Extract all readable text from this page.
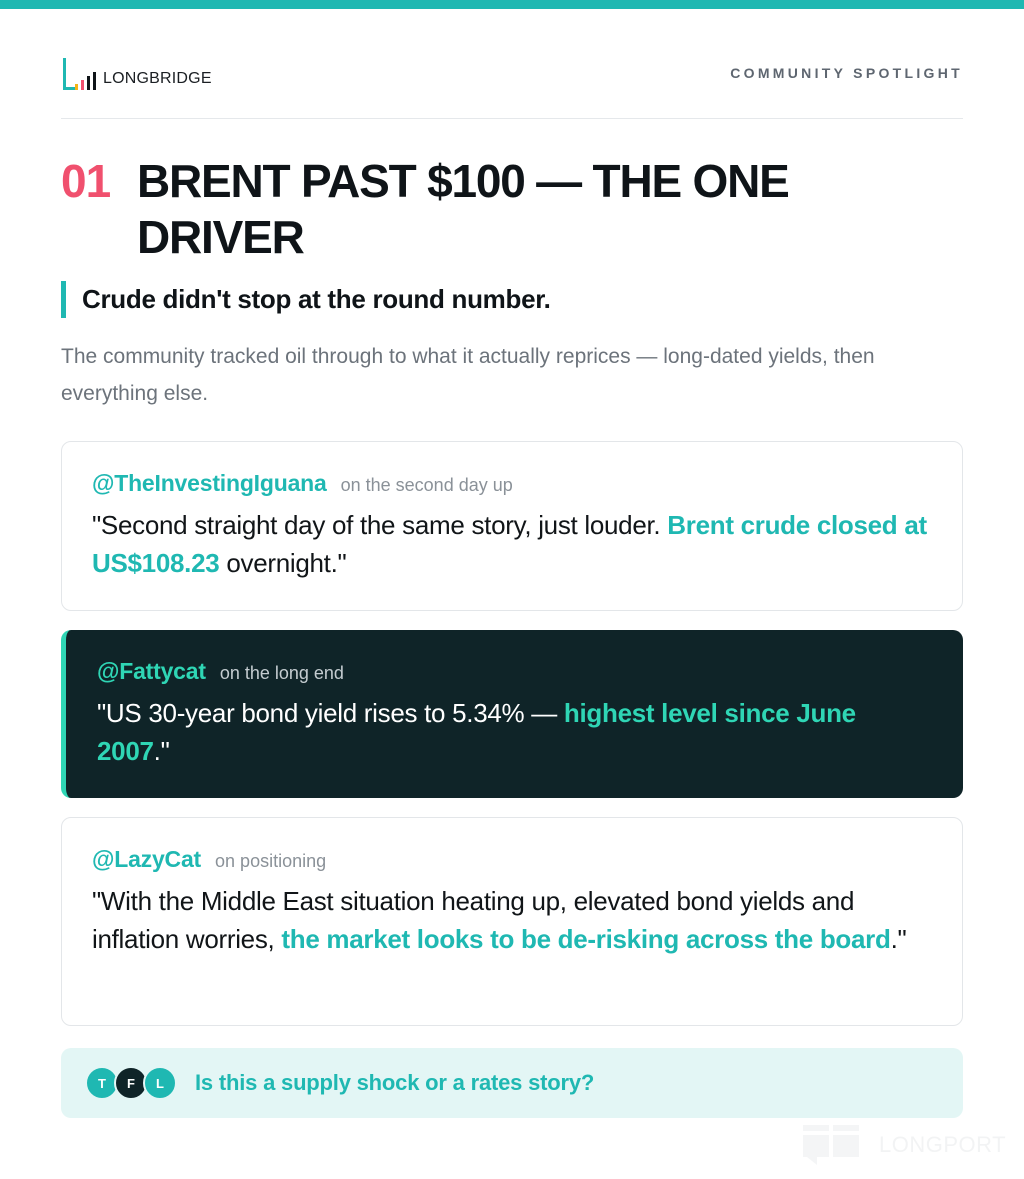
LONGBRIDGE	COMMUNITY SPOTLIGHT
01 BRENT PAST $100 — THE ONE DRIVER
Crude didn't stop at the round number.
The community tracked oil through to what it actually reprices — long-dated yields, then everything else.
@TheInvestingIguana on the second day up
"Second straight day of the same story, just louder. Brent crude closed at US$108.23 overnight."
@Fattycat on the long end
"US 30-year bond yield rises to 5.34% — highest level since June 2007."
@LazyCat on positioning
"With the Middle East situation heating up, elevated bond yields and inflation worries, the market looks to be de-risking across the board."
T	F	L	Is this a supply shock or a rates story?
LONGPORT
